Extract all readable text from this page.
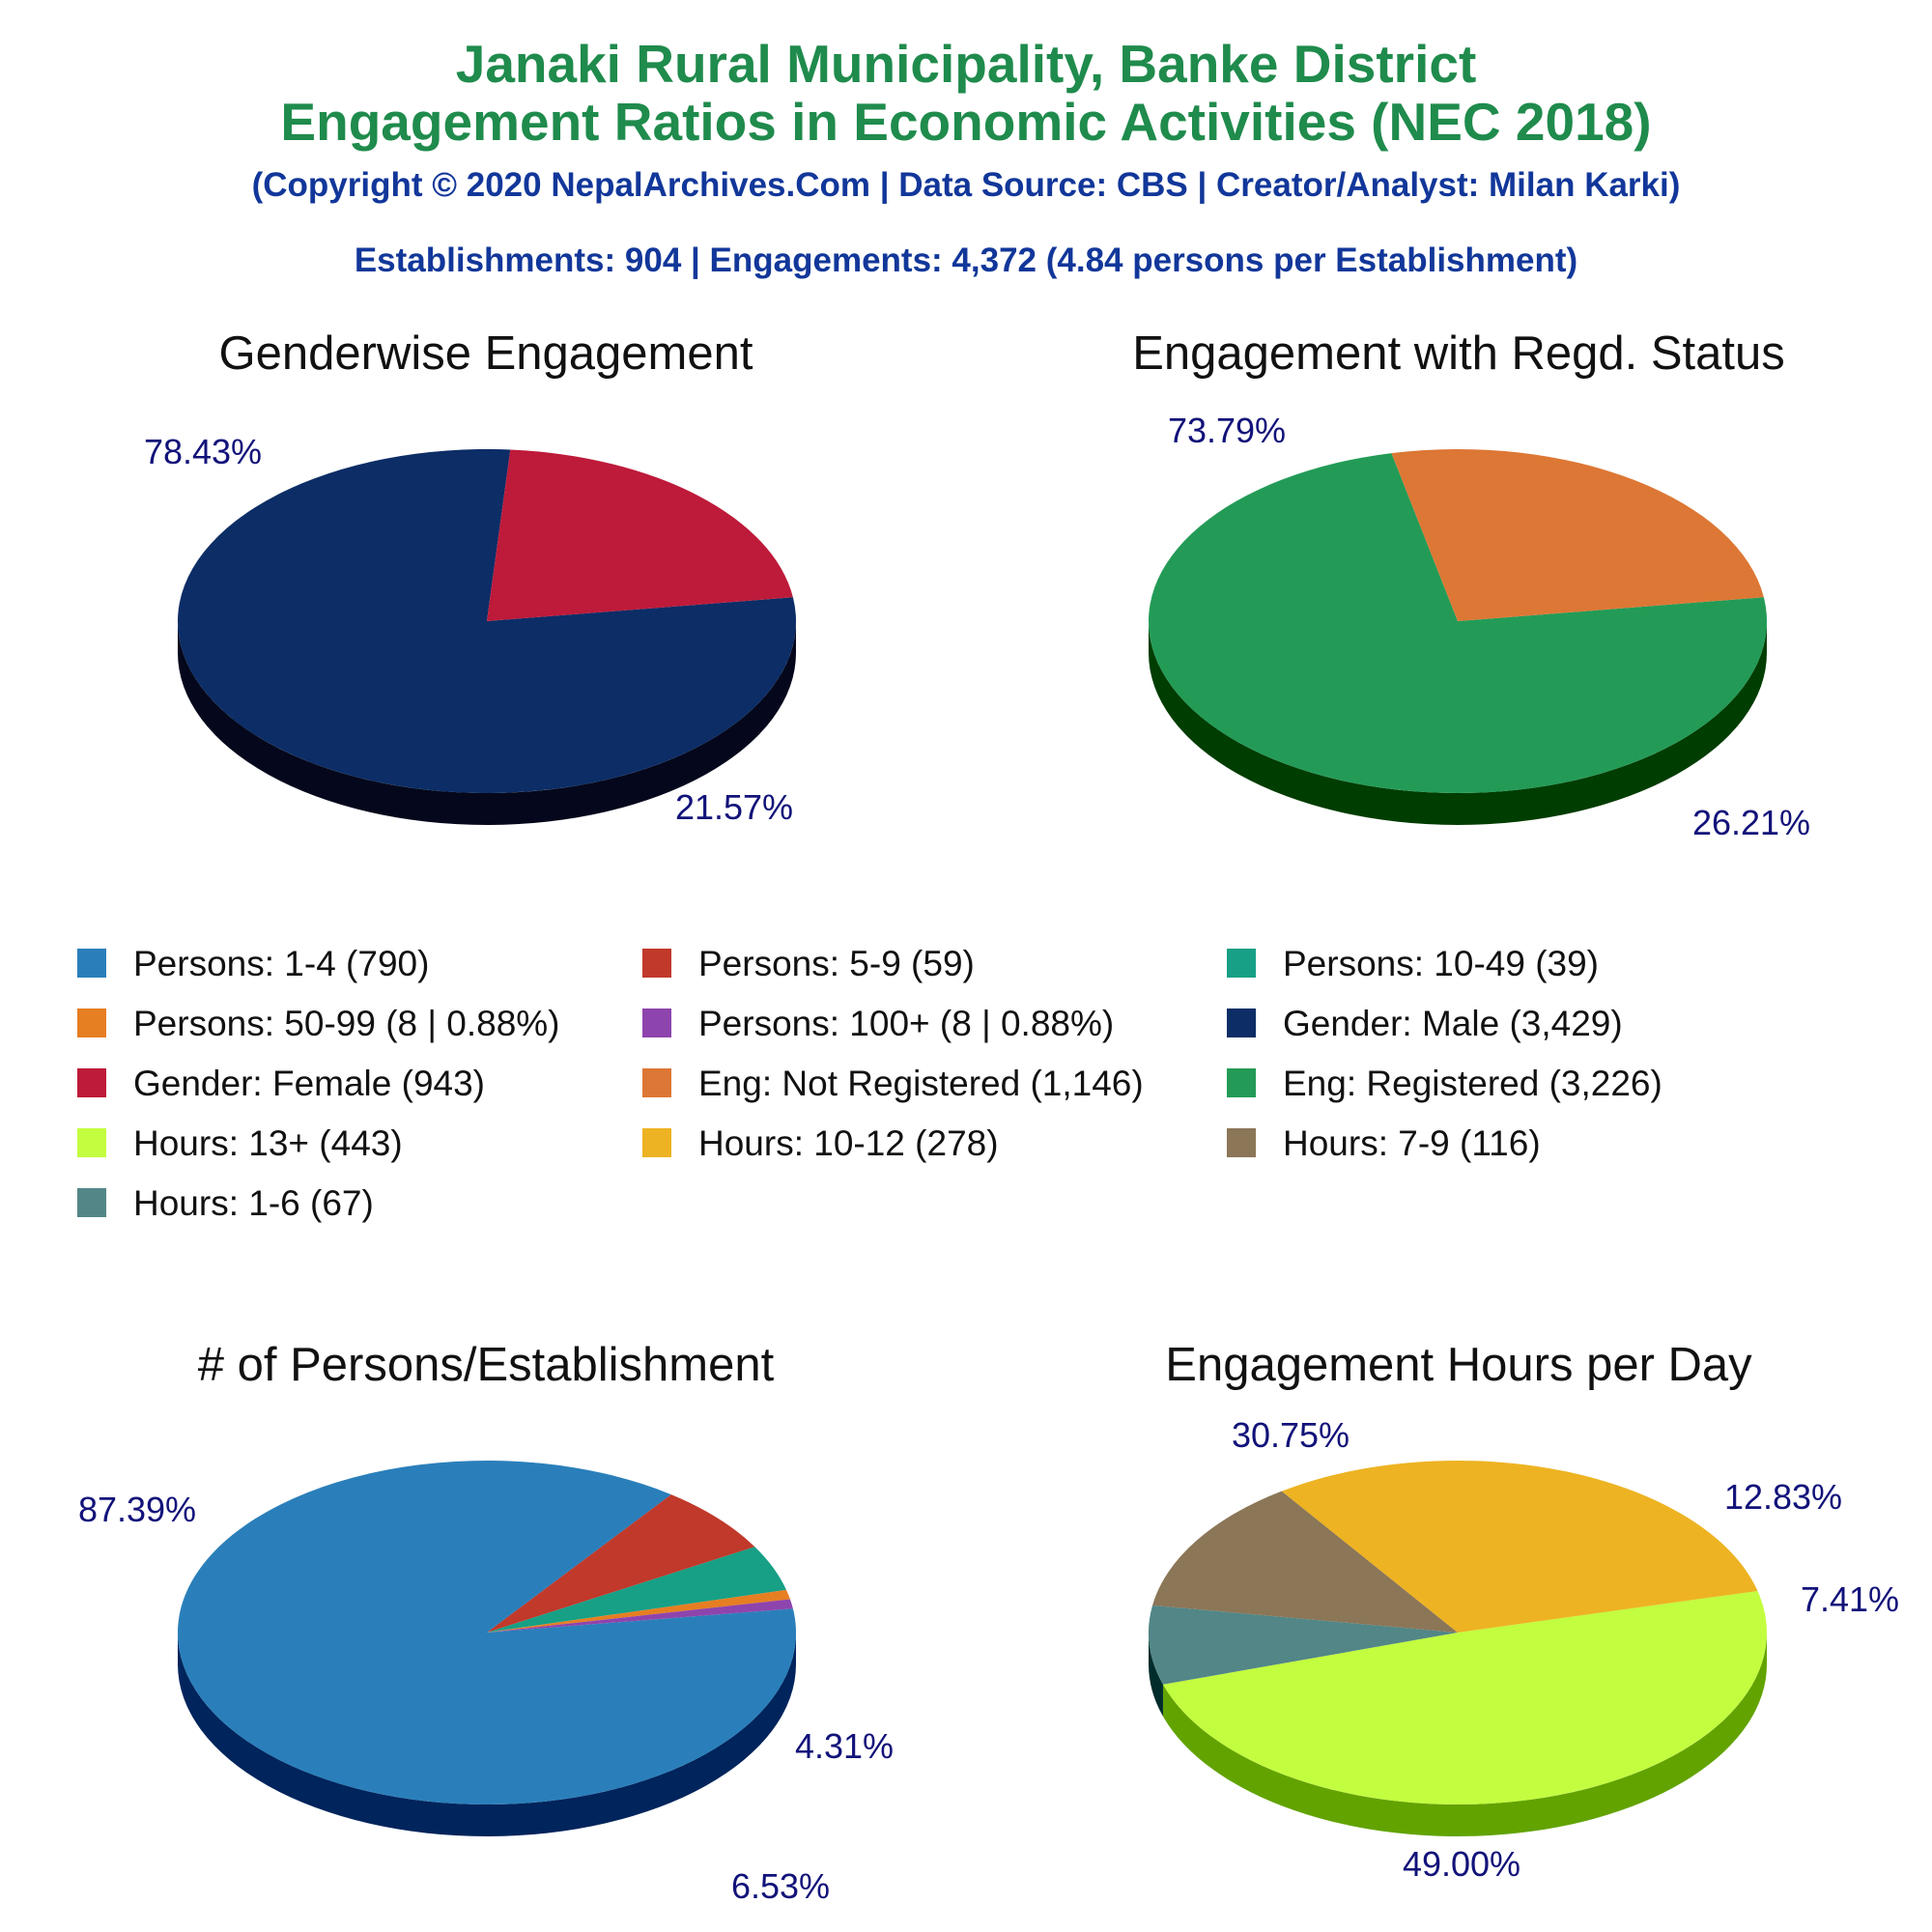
Janaki Rural Municipality, Banke District
Engagement Ratios in Economic Activities (NEC 2018)
(Copyright © 2020 NepalArchives.Com | Data Source: CBS | Creator/Analyst: Milan Karki)
Establishments: 904 | Engagements: 4,372 (4.84 persons per Establishment)
Genderwise Engagement	Engagement with Regd. Status
# of Persons/Establishment	Engagement Hours per Day
78.43%
21.57%
73.79%
26.21%
87.39%
6.53%
4.31%
49.00%
7.41%
12.83%
30.75%
Persons: 1-4 (790)	Persons: 5-9 (59)	Persons: 10-49 (39)
Persons: 50-99 (8 | 0.88%)	Persons: 100+ (8 | 0.88%)	Gender: Male (3,429)
Gender: Female (943)	Eng: Not Registered (1,146)	Eng: Registered (3,226)
Hours: 13+ (443)	Hours: 10-12 (278)	Hours: 7-9 (116)
Hours: 1-6 (67)
